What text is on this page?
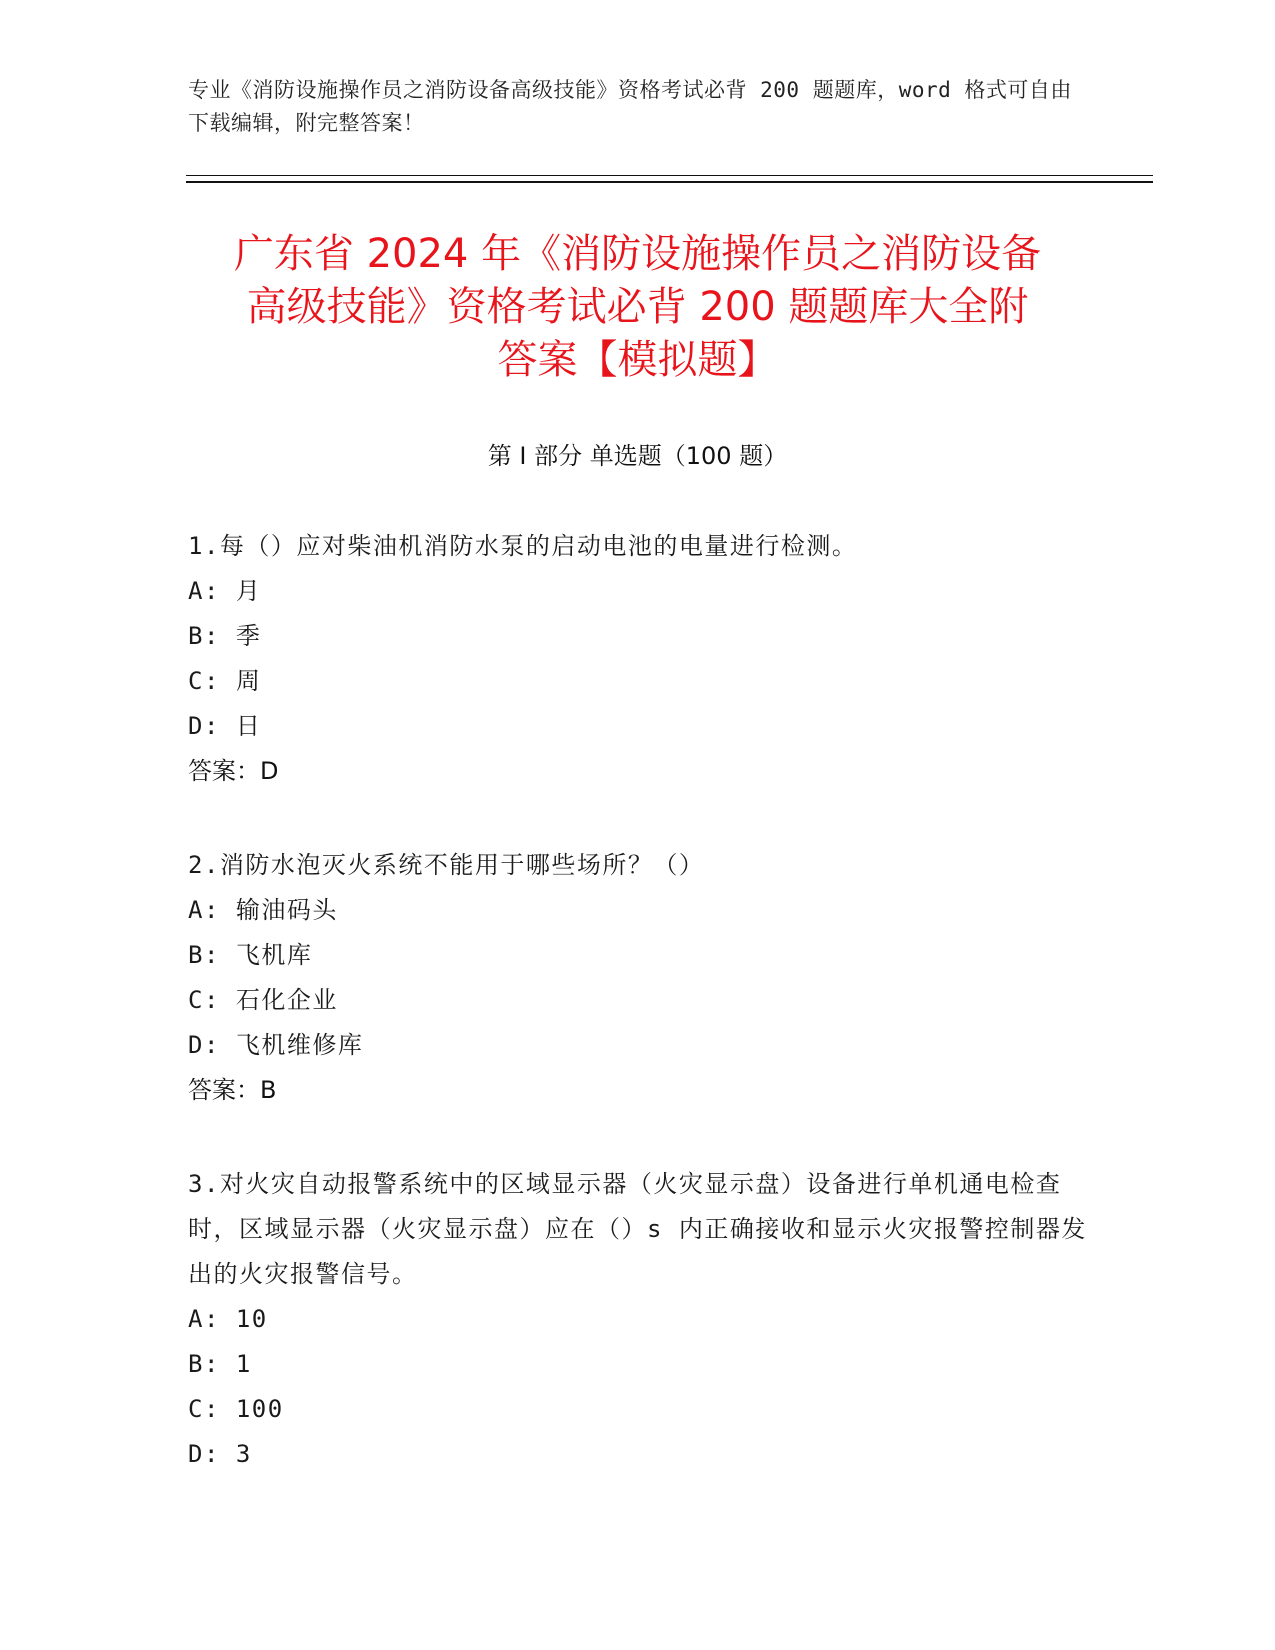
专业《消防设施操作员之消防设备高级技能》资格考试必背 200 题题库，word 格式可自由下载编辑，附完整答案！
广东省 2024 年《消防设施操作员之消防设备
高级技能》资格考试必背 200 题题库大全附
答案【模拟题】
第 I 部分 单选题（100 题）
1.每（）应对柴油机消防水泵的启动电池的电量进行检测。
A: 月
B: 季
C: 周
D: 日
答案：D
2.消防水泡灭火系统不能用于哪些场所？（）
A: 输油码头
B: 飞机库
C: 石化企业
D: 飞机维修库
答案：B
3.对火灾自动报警系统中的区域显示器（火灾显示盘）设备进行单机通电检查时，区域显示器（火灾显示盘）应在（）s 内正确接收和显示火灾报警控制器发出的火灾报警信号。
A: 10
B: 1
C: 100
D: 3
